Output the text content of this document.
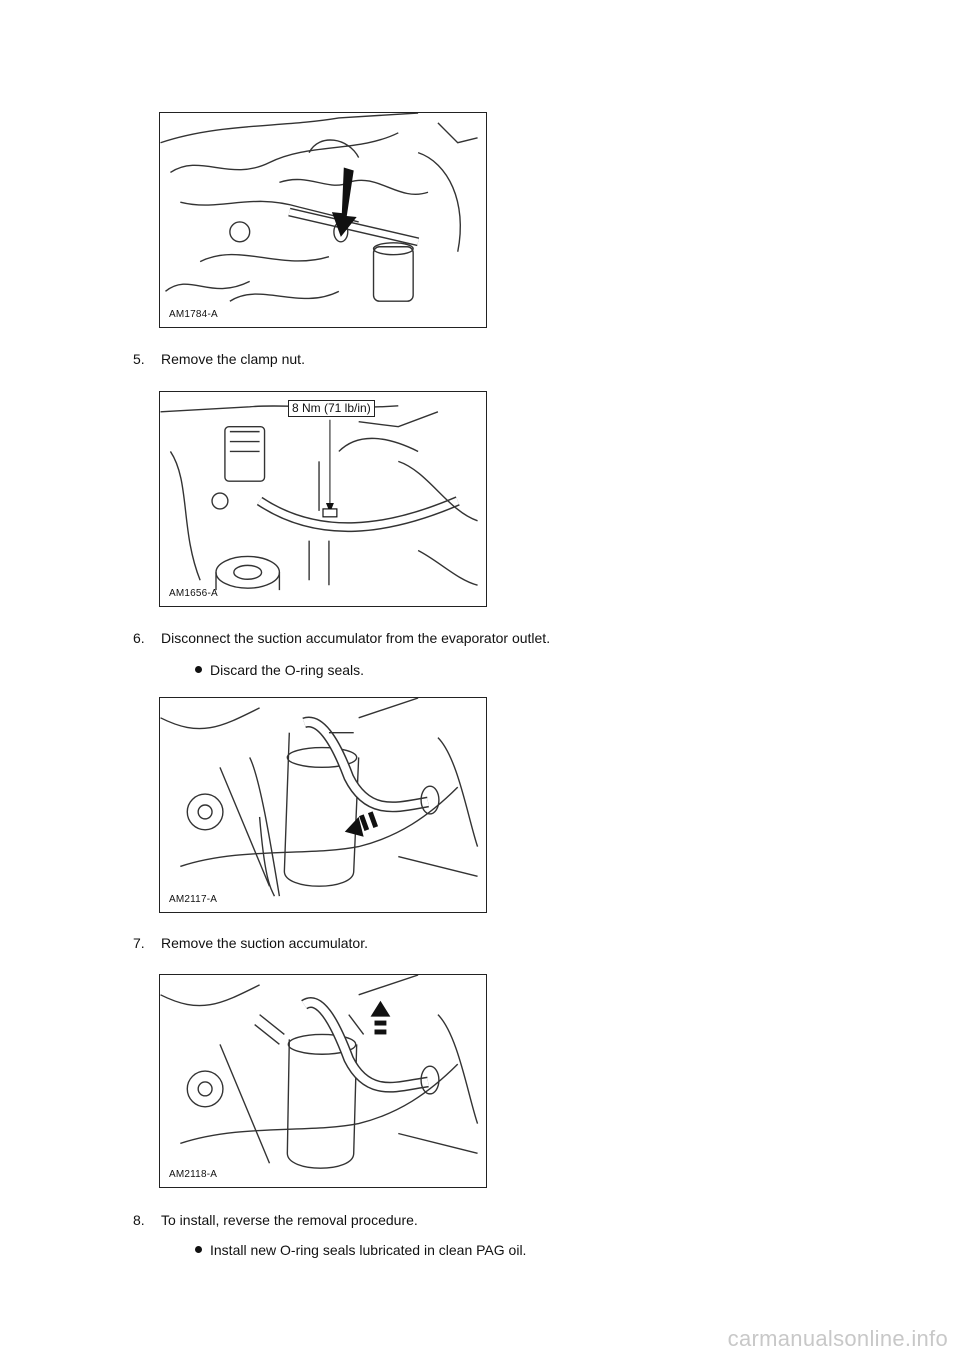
AM1784-A
5. Remove the clamp nut.
8 Nm (71 lb/in)
AM1656-A
6. Disconnect the suction accumulator from the evaporator outlet.
Discard the O-ring seals.
AM2117-A
7. Remove the suction accumulator.
AM2118-A
8. To install, reverse the removal procedure.
Install new O-ring seals lubricated in clean PAG oil.
carmanualsonline.info
